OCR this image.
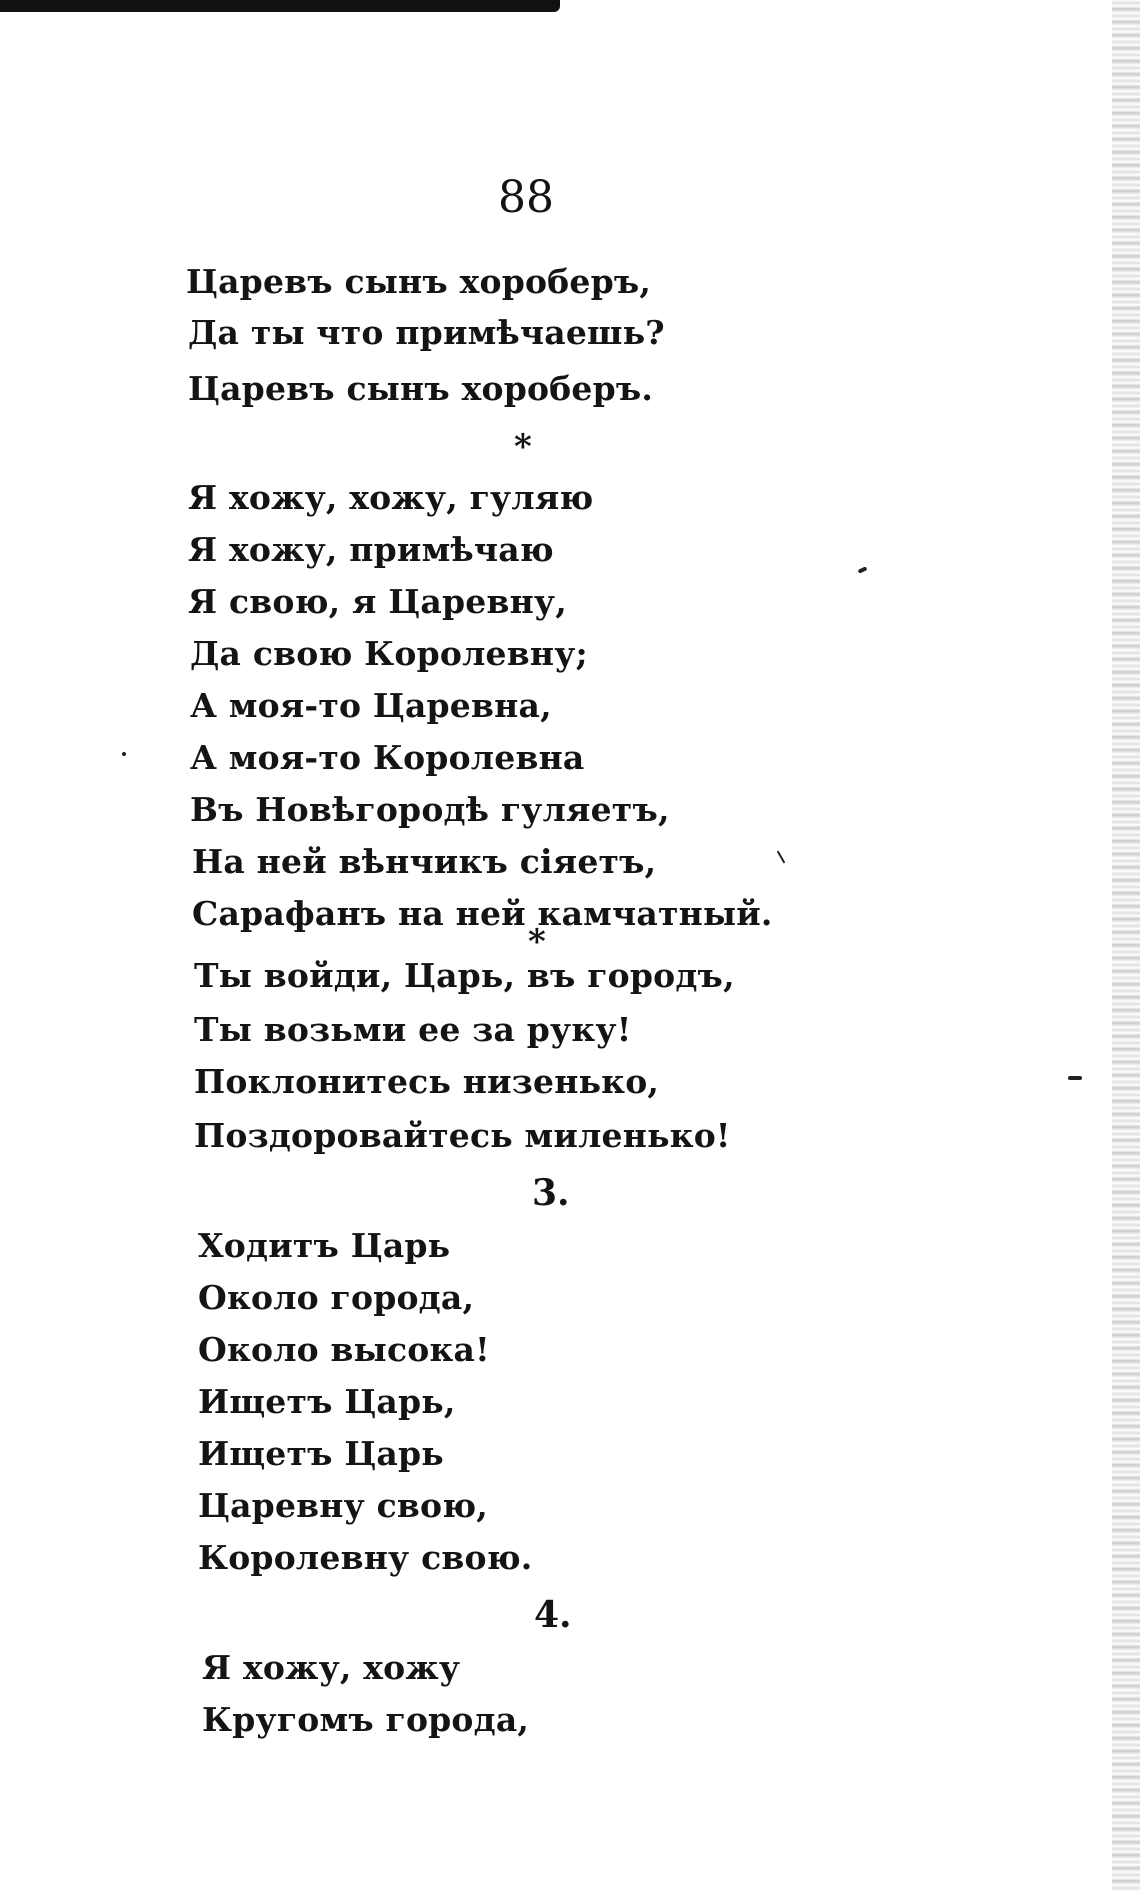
88
Царевъ сынъ хороберъ,
Да ты что примѣчаешь?
Царевъ сынъ хороберъ.
*
Я хожу, хожу, гуляю
Я хожу, примѣчаю
Я свою, я Царевну,
Да свою Королевну;
А моя-то Царевна,
А моя-то Королевна
Въ Новѣгородѣ гуляетъ,
На ней вѣнчикъ сіяетъ,
Сарафанъ на ней камчатный.
*
Ты войди, Царь, въ городъ,
Ты возьми ее за руку!
Поклонитесь низенько,
Поздоровайтесь миленько!
3.
Ходитъ Царь
Около города,
Около высока!
Ищетъ Царь,
Ищетъ Царь
Царевну свою,
Королевну свою.
4.
Я хожу, хожу
Кругомъ города,
